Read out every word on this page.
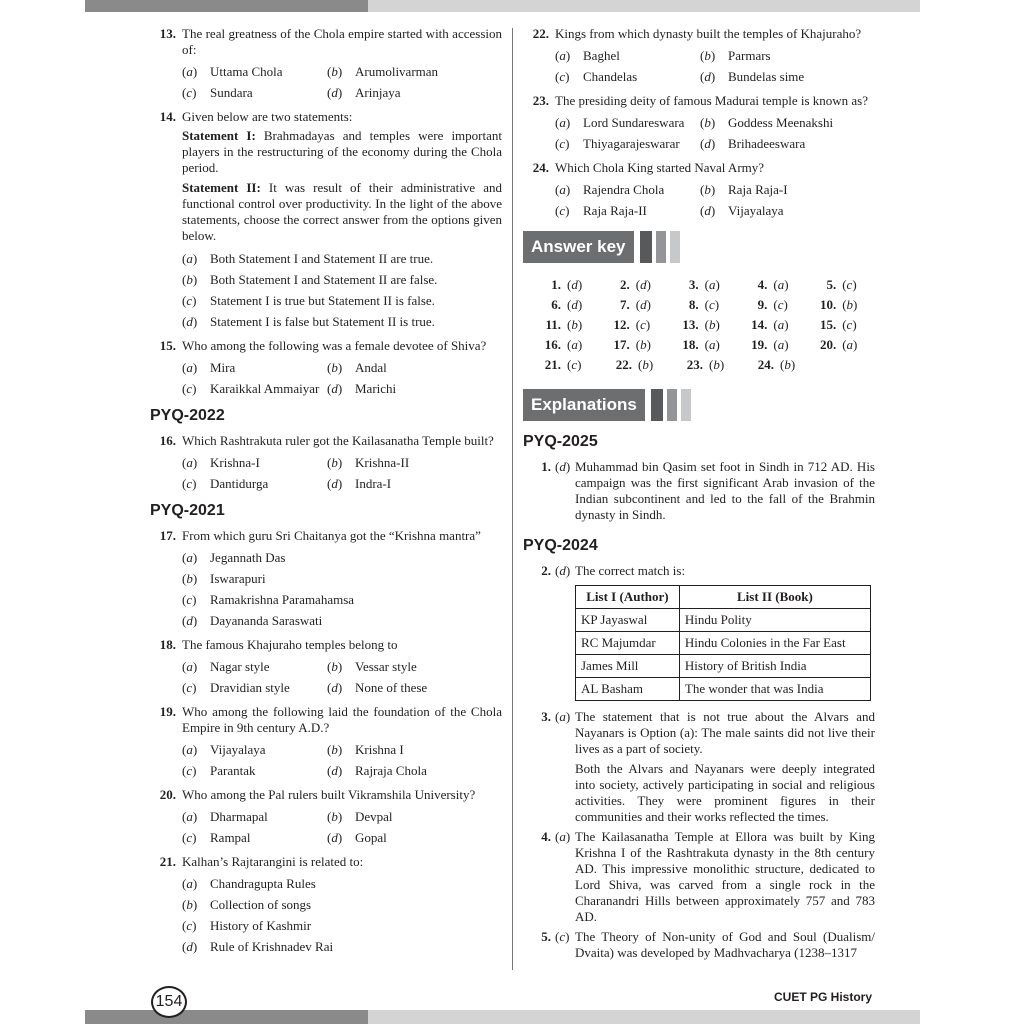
13. The real greatness of the Chola empire started with accession of:
( a )	Uttama Chola	( b )	Arumolivarman
( c )	Sundara	( d )	Arinjaya
14. Given below are two statements:
Statement I: Brahmadayas and temples were important players in the restructuring of the economy during the Chola period.
Statement II: It was result of their administrative and functional control over productivity. In the light of the above statements, choose the correct answer from the options given below.
( a )	Both Statement I and Statement II are true.
( b )	Both Statement I and Statement II are false.
( c )	Statement I is true but Statement II is false.
( d )	Statement I is false but Statement II is true.
15. Who among the following was a female devotee of Shiva?
( a )	Mira	( b )	Andal
( c )	Karaikkal Ammaiyar ( d )	Marichi
PYQ-2022
16. Which Rashtrakuta ruler got the Kailasanatha Temple built?
( a )	Krishna-I	( b )	Krishna-II
( c )	Dantidurga	( d )	Indra-I
PYQ-2021
17. From which guru Sri Chaitanya got the “Krishna mantra”
( a )	Jegannath Das
( b )	Iswarapuri
( c )	Ramakrishna Paramahamsa
( d )	Dayananda Saraswati
18. The famous Khajuraho temples belong to
( a )	Nagar style	( b )	Vessar style
( c )	Dravidian style	( d )	None of these
19. Who among the following laid the foundation of the Chola Empire in 9th century A.D.?
( a )	Vijayalaya	( b )	Krishna I
( c )	Parantak	( d )	Rajraja Chola
20. Who among the Pal rulers built Vikramshila University?
( a )	Dharmapal	( b )	Devpal
( c )	Rampal	( d )	Gopal
21. Kalhan’s Rajtarangini is related to:
( a )	Chandragupta Rules
( b )	Collection of songs
( c )	History of Kashmir
( d )	Rule of Krishnadev Rai
22. Kings from which dynasty built the temples of Khajuraho?
( a )	Baghel	( b )	Parmars
( c )	Chandelas	( d )	Bundelas sime
23. The presiding deity of famous Madurai temple is known as?
( a )	Lord Sundareswara	( b )	Goddess Meenakshi
( c )	Thiyagarajeswarar	( d )	Brihadeeswara
24. Which Chola King started Naval Army?
( a )	Rajendra Chola	( b )	Raja Raja-I
( c )	Raja Raja-II	( d )	Vijayalaya
Answer key
1. ( d )	2. ( d )	3. ( a )	4. ( a )	5. ( c )
6. ( d )	7. ( d )	8. ( c )	9. ( c )	10. ( b )
11. ( b )	12. ( c )	13. ( b )	14. ( a )	15. ( c )
16. ( a )	17. ( b )	18. ( a )	19. ( a )	20. ( a )
21. ( c )	22. ( b )	23. ( b )	24. ( b )
Explanations
PYQ-2025
1. ( d ) Muhammad bin Qasim set foot in Sindh in 712 AD. His campaign was the first significant Arab invasion of the Indian subcontinent and led to the fall of the Brahmin dynasty in Sindh.
PYQ-2024
2. ( d ) The correct match is:
List I (Author)	List II (Book)
KP Jayaswal	Hindu Polity
RC Majumdar	Hindu Colonies in the Far East
James Mill	History of British India
AL Basham	The wonder that was India
3. ( a ) The statement that is not true about the Alvars and Nayanars is Option (a): The male saints did not live their lives as a part of society.
Both the Alvars and Nayanars were deeply integrated into society, actively participating in social and religious activities. They were prominent figures in their communities and their works reflected the times.
4. ( a ) The Kailasanatha Temple at Ellora was built by King Krishna I of the Rashtrakuta dynasty in the 8th century AD. This impressive monolithic structure, dedicated to Lord Shiva, was carved from a single rock in the Charanandri Hills between approximately 757 and 783 AD.
5. ( c ) The Theory of Non-unity of God and Soul (Dualism/ Dvaita) was developed by Madhvacharya (1238–1317
154	CUET PG History
